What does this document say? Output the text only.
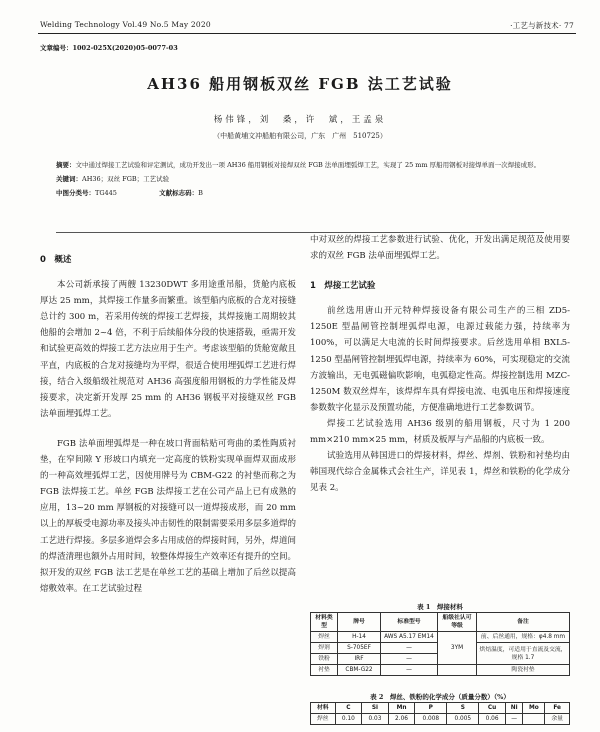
Welding Technology Vol.49 No.5 May 2020	·工艺与新技术· 77
文章编号：1002-025X(2020)05-0077-03
AH36 船用钢板双丝 FGB 法工艺试验
杨伟锋，刘　桑，许　斌，王孟泉
（中船黄埔文冲船舶有限公司，广东　广州　510725）
摘要：文中通过焊接工艺试验和评定测试，成功开发出一项 AH36 船用钢板对接焊双丝 FGB 法单面埋弧焊工艺，实现了 25 mm 厚船用钢板对接焊单面一次焊接成形。
关键词：AH36；双丝 FGB；工艺试验
中图分类号：TG445	文献标志码：B

0　概述

本公司新承接了两艘 13230DWT 多用途重吊船，货舱内底板厚达 25 mm，其焊接工作量多而繁重。该型船内底板的合龙对接缝总计约 300 m，若采用传统的焊接工艺焊接，其焊接施工周期较其他船的会增加 2~4 倍，不利于后续船体分段的快速搭载，亟需开发和试验更高效的焊接工艺方法应用于生产。考虑该型船的货舱宽敞且平直，内底板的合龙对接缝均为平焊，很适合使用埋弧焊工艺进行焊接，结合入级船级社规范对 AH36 高强度船用钢板的力学性能及焊接要求，决定新开发厚 25 mm 的 AH36 钢板平对接缝双丝 FGB 法单面埋弧焊工艺。

FGB 法单面埋弧焊是一种在坡口背面粘贴可弯曲的柔性陶质衬垫，在窄间隙 Y 形坡口内填充一定高度的铁粉实现单面焊双面成形的一种高效埋弧焊工艺，因使用牌号为 CBM-G22 的衬垫而称之为 FGB 法焊接工艺。单丝 FGB 法焊接工艺在公司产品上已有成熟的应用，13~20 mm 厚钢板的对接缝可以一道焊接成形，而 20 mm 以上的厚板受电源功率及接头冲击韧性的限制需要采用多层多道焊的工艺进行焊接。多层多道焊会多占用成倍的焊接时间，另外，焊道间的焊渣清理也额外占用时间，较整体焊接生产效率还有提升的空间。拟开发的双丝 FGB 法工艺是在单丝工艺的基础上增加了后丝以提高熔敷效率。在工艺试验过程

中对双丝的焊接工艺参数进行试验、优化，开发出满足规范及使用要求的双丝 FGB 法单面埋弧焊工艺。

1　焊接工艺试验

前丝选用唐山开元特种焊接设备有限公司生产的三相 ZD5-1250E 型晶闸管控制埋弧焊电源，电源过载能力强，持续率为 100%，可以满足大电流的长时间焊接要求。后丝选用单相 BXL5-1250 型晶闸管控制埋弧焊电源，持续率为 60%，可实现稳定的交流方波输出，无电弧磁偏吹影响，电弧稳定性高。焊接控制选用 MZC-1250M 数双丝焊车，该焊焊车具有焊接电流、电弧电压和焊接速度参数数字化显示及预置功能，方便准确地进行工艺参数调节。

焊接工艺试验选用 AH36 级别的船用钢板，尺寸为 1 200 mm×210 mm×25 mm，材质及板厚与产品船的内底板一致。

试验选用从韩国进口的焊接材料，焊丝、焊剂、铁粉和衬垫均由韩国现代综合金属株式会社生产，详见表 1，焊丝和铁粉的化学成分见表 2。

表 1　焊接材料
材料类型	牌号	标准型号	船级社认可等级	备注
焊丝	H-14	AWS A5.17 EM14	3YM	前、后丝通用，规格：φ4.8 mm
焊剂	S-705EF	—		烘焙温度，可适用于直流及交流，规格 1.7
铁粉	IRF	—		
衬垫	CBM-G22	—		陶瓷衬垫
表 2　焊丝、铁粉的化学成分（质量分数）（%）
材料	C	Si	Mn	P	S	Cu	Ni	Mo	Fe
焊丝	0.10	0.03	2.06	0.008	0.005	0.06	—		余量
